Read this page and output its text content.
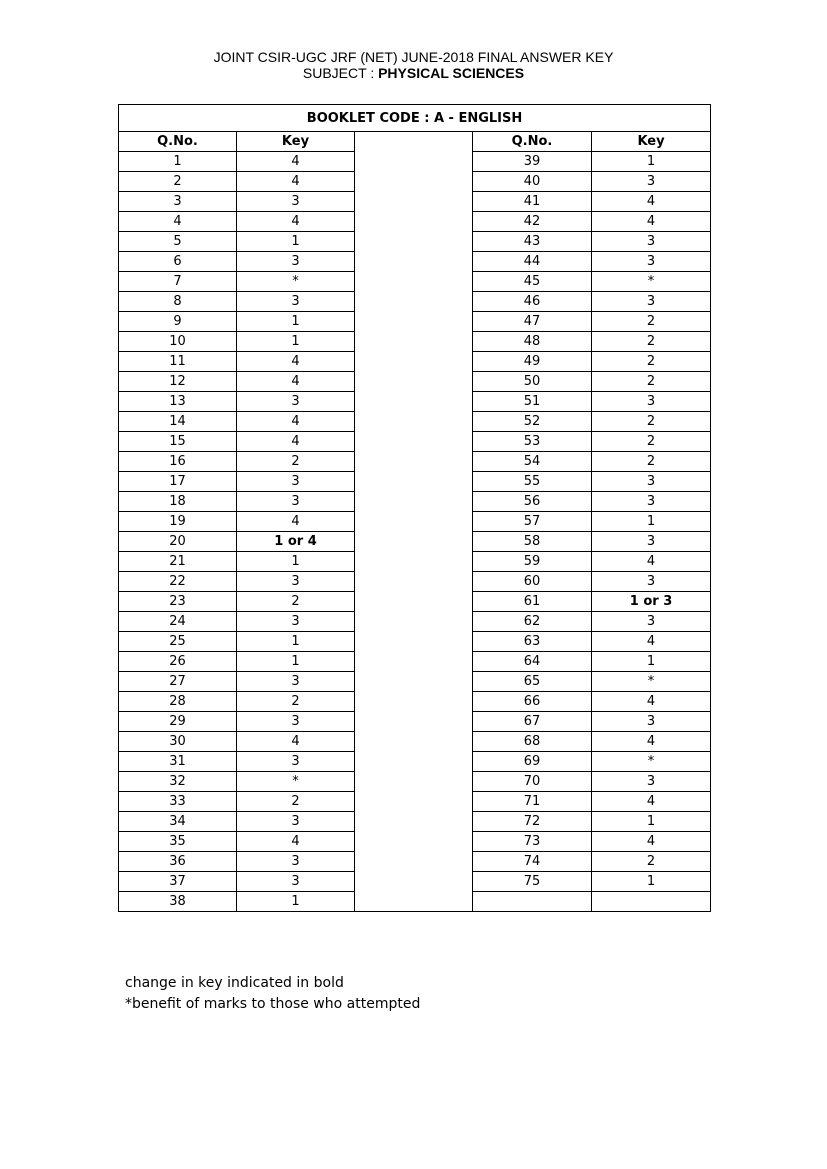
JOINT CSIR-UGC JRF (NET) JUNE-2018 FINAL ANSWER KEY
SUBJECT : PHYSICAL SCIENCES
BOOKLET CODE : A - ENGLISH				
Q.No.	Key		Q.No.	Key
1	4		39	1
2	4		40	3
3	3		41	4
4	4		42	4
5	1		43	3
6	3		44	3
7	*		45	*
8	3		46	3
9	1		47	2
10	1		48	2
11	4		49	2
12	4		50	2
13	3		51	3
14	4		52	2
15	4		53	2
16	2		54	2
17	3		55	3
18	3		56	3
19	4		57	1
20	1 or 4		58	3
21	1		59	4
22	3		60	3
23	2		61	1 or 3
24	3		62	3
25	1		63	4
26	1		64	1
27	3		65	*
28	2		66	4
29	3		67	3
30	4		68	4
31	3		69	*
32	*		70	3
33	2		71	4
34	3		72	1
35	4		73	4
36	3		74	2
37	3		75	1
38	1			
change in key indicated in bold
*benefit of marks to those who attempted
